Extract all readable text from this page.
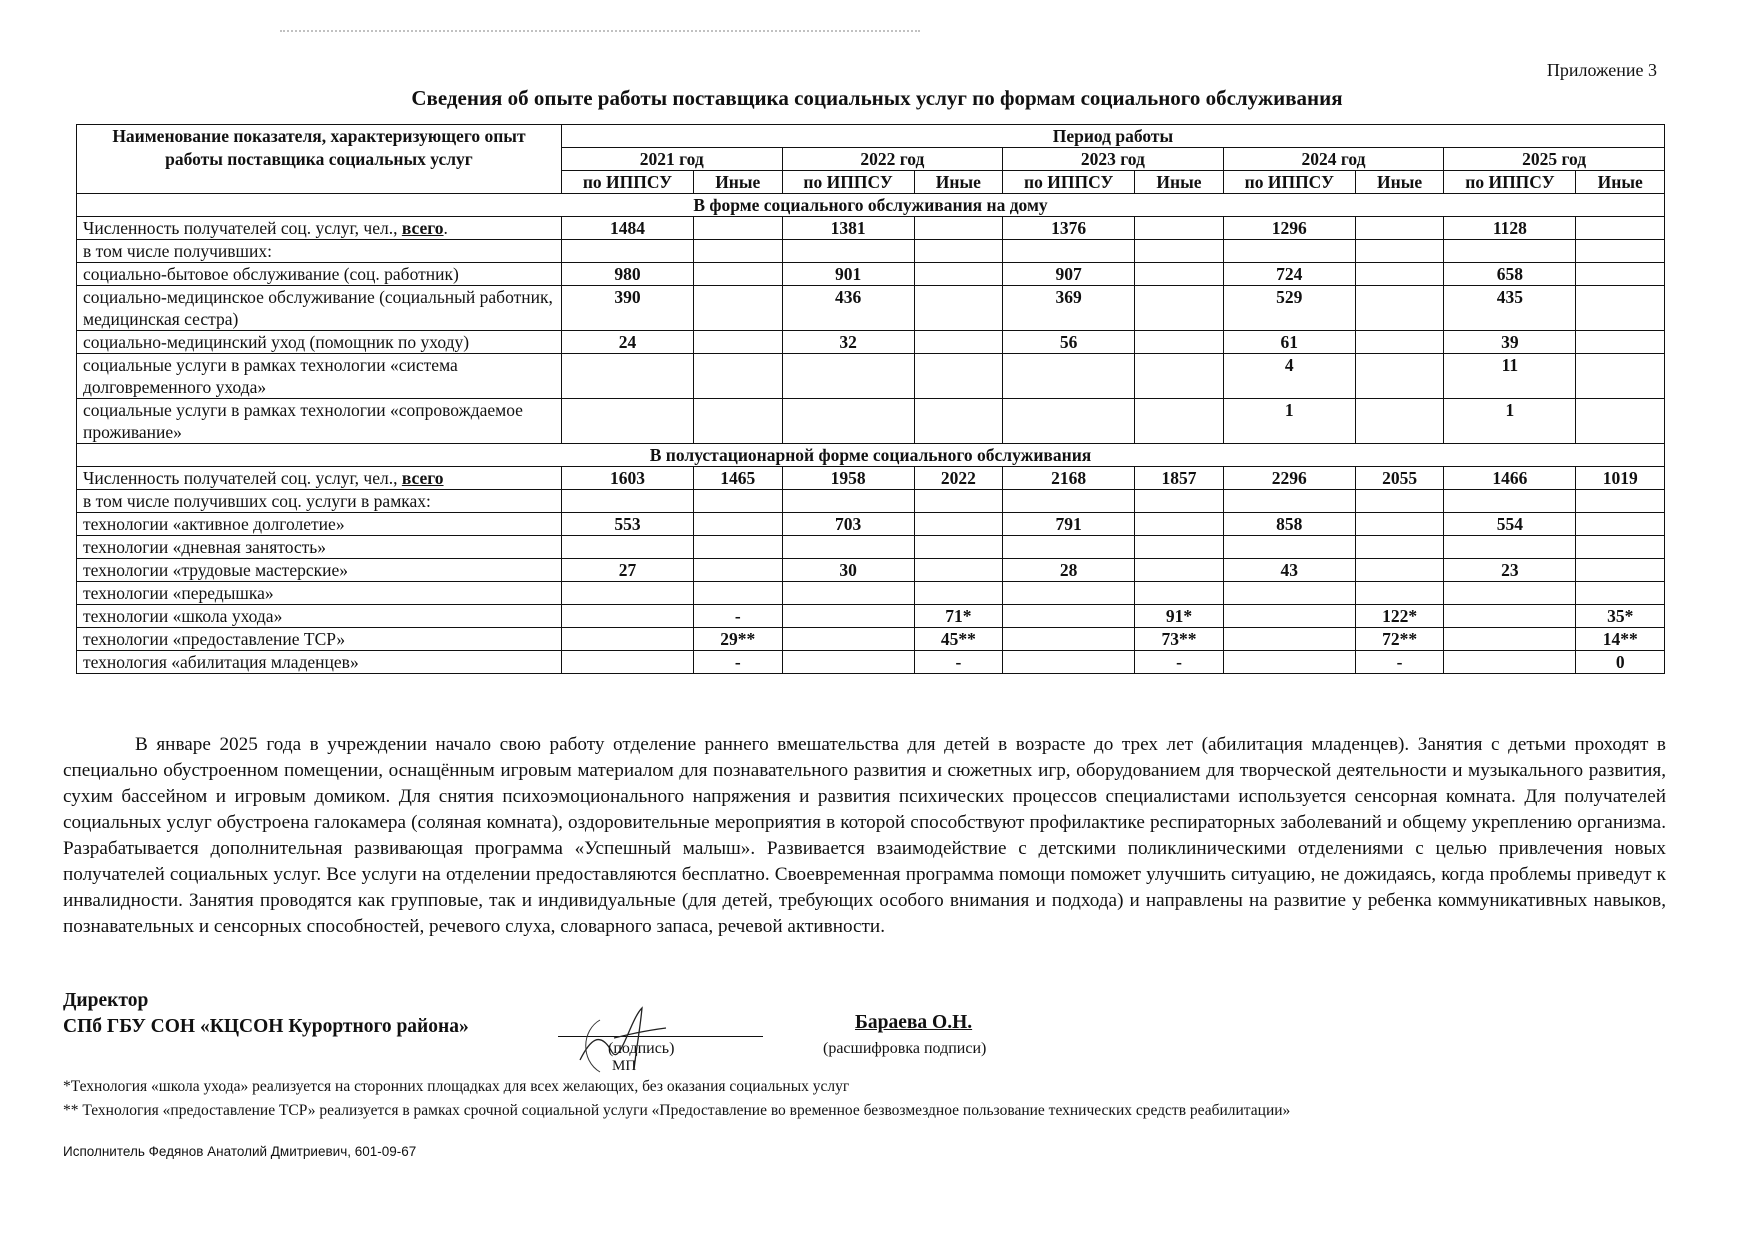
Приложение 3
Сведения об опыте работы поставщика социальных услуг по формам социального обслуживания
Наименование показателя, характеризующего опыт работы поставщика социальных услуг	Период работы									
	2021 год		2022 год		2023 год		2024 год		2025 год	
	по ИППСУ	Иные	по ИППСУ	Иные	по ИППСУ	Иные	по ИППСУ	Иные	по ИППСУ	Иные
В форме социального обслуживания на дому										
Численность получателей соц. услуг, чел., всего.	1484		1381		1376		1296		1128	
в том числе получивших:										
социально-бытовое обслуживание (соц. работник)	980		901		907		724		658	
социально-медицинское обслуживание (социальный работник, медицинская сестра)	390		436		369		529		435	
социально-медицинский уход (помощник по уходу)	24		32		56		61		39	
социальные услуги в рамках технологии «система долговременного ухода»							4		11	
социальные услуги в рамках технологии «сопровождаемое проживание»							1		1	
В полустационарной форме социального обслуживания										
Численность получателей соц. услуг, чел., всего	1603	1465	1958	2022	2168	1857	2296	2055	1466	1019
в том числе получивших соц. услуги в рамках:										
технологии «активное долголетие»	553		703		791		858		554	
технологии «дневная занятость»										
технологии «трудовые мастерские»	27		30		28		43		23	
технологии «передышка»										
технологии «школа ухода»		-		71*		91*		122*		35*
технологии «предоставление ТСР»		29**		45**		73**		72**		14**
технология «абилитация младенцев»		-		-		-		-		0
В январе 2025 года в учреждении начало свою работу отделение раннего вмешательства для детей в возрасте до трех лет (абилитация младенцев). Занятия с детьми проходят в специально обустроенном помещении, оснащённым игровым материалом для познавательного развития и сюжетных игр, оборудованием для творческой деятельности и музыкального развития, сухим бассейном и игровым домиком. Для снятия психоэмоционального напряжения и развития психических процессов специалистами используется сенсорная комната. Для получателей социальных услуг обустроена галокамера (соляная комната), оздоровительные мероприятия в которой способствуют профилактике респираторных заболеваний и общему укреплению организма. Разрабатывается дополнительная развивающая программа «Успешный малыш». Развивается взаимодействие с детскими поликлиническими отделениями с целью привлечения новых получателей социальных услуг. Все услуги на отделении предоставляются бесплатно. Своевременная программа помощи поможет улучшить ситуацию, не дожидаясь, когда проблемы приведут к инвалидности. Занятия проводятся как групповые, так и индивидуальные (для детей, требующих особого внимания и подхода) и направлены на развитие у ребенка коммуникативных навыков, познавательных и сенсорных способностей, речевого слуха, словарного запаса, речевой активности.
Директор
СПб ГБУ СОН «КЦСОН Курортного района»
(подпись)
МП
Бараева О.Н.
(расшифровка подписи)
*Технология «школа ухода» реализуется на сторонних площадках для всех желающих, без оказания социальных услуг
** Технология «предоставление ТСР» реализуется в рамках срочной социальной услуги «Предоставление во временное безвозмездное пользование технических средств реабилитации»
Исполнитель Федянов Анатолий Дмитриевич, 601-09-67
